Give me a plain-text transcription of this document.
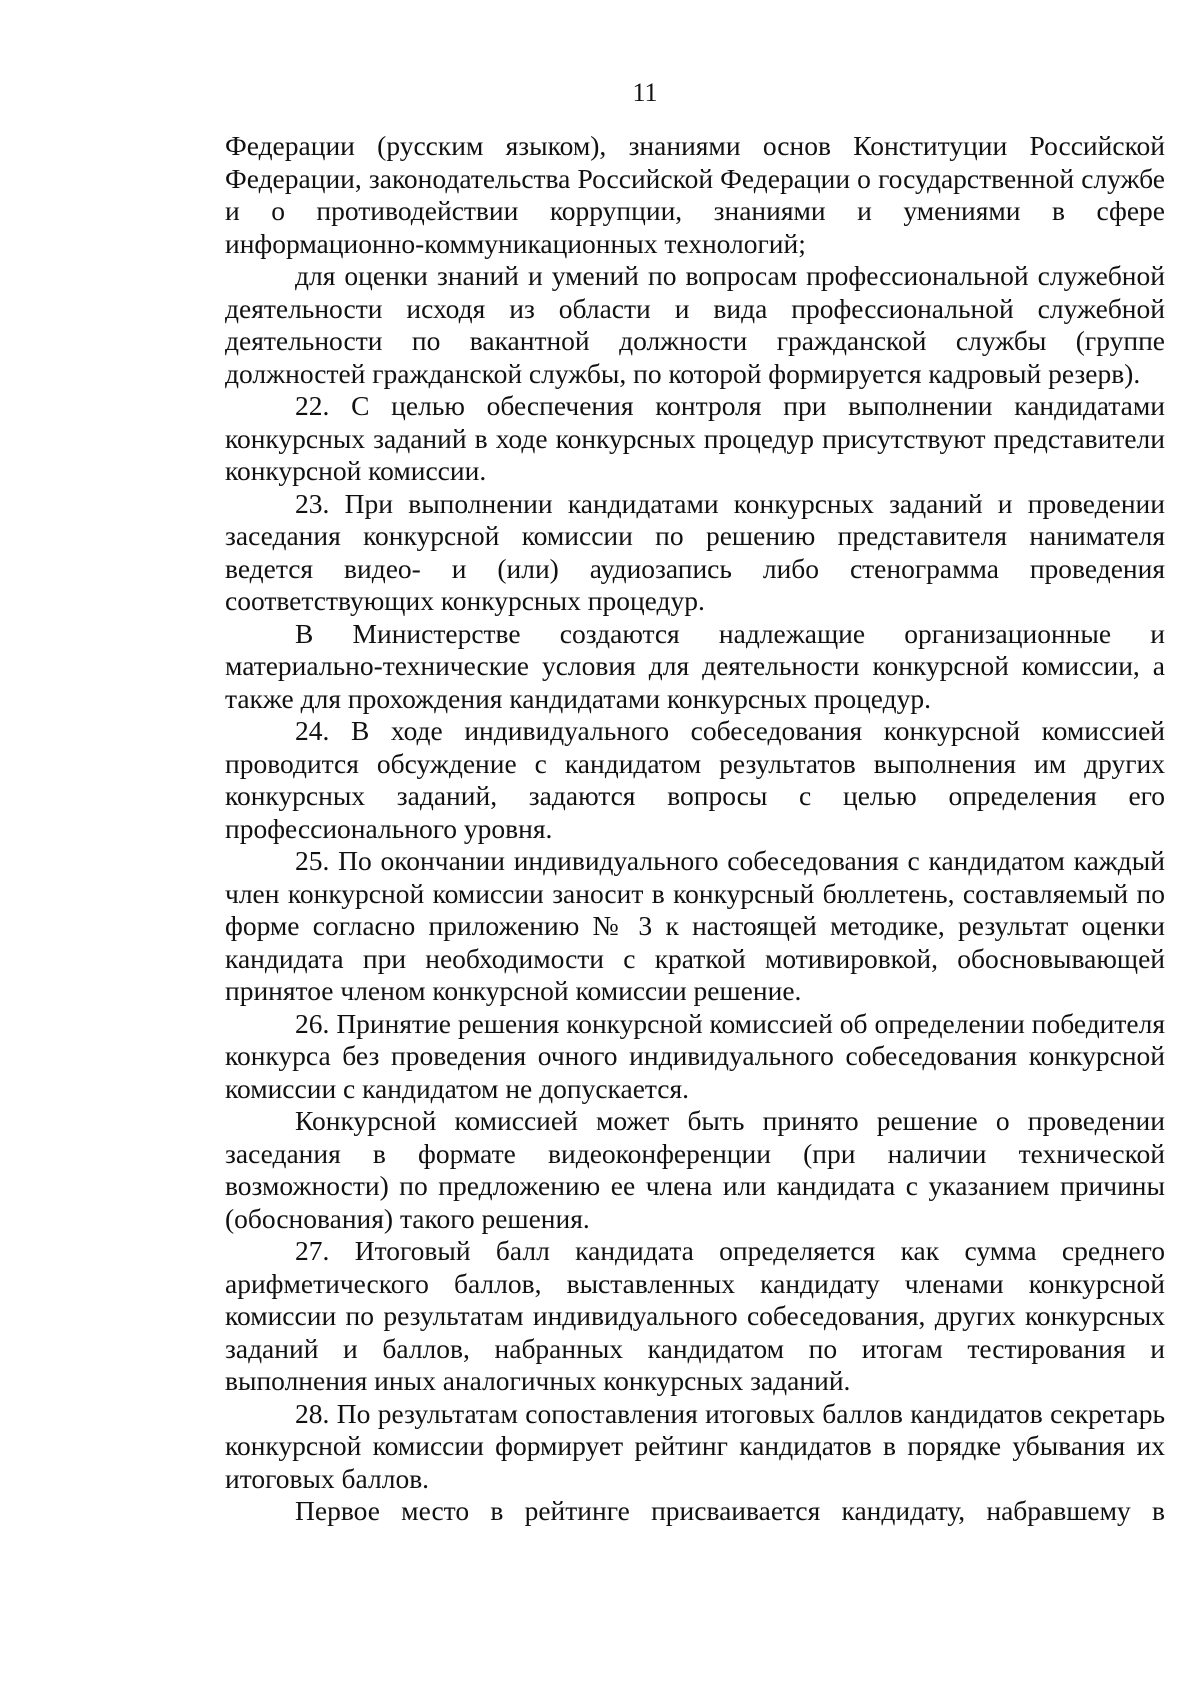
11

Федерации (русским языком), знаниями основ Конституции Российской Федерации, законодательства Российской Федерации о государственной службе и о противодействии коррупции, знаниями и умениями в сфере информационно-коммуникационных технологий;

для оценки знаний и умений по вопросам профессиональной служебной деятельности исходя из области и вида профессиональной служебной деятельности по вакантной должности гражданской службы (группе должностей гражданской службы, по которой формируется кадровый резерв).

22. С целью обеспечения контроля при выполнении кандидатами конкурсных заданий в ходе конкурсных процедур присутствуют представители конкурсной комиссии.

23. При выполнении кандидатами конкурсных заданий и проведении заседания конкурсной комиссии по решению представителя нанимателя ведется видео- и (или) аудиозапись либо стенограмма проведения соответствующих конкурсных процедур.

В Министерстве создаются надлежащие организационные и материально-технические условия для деятельности конкурсной комиссии, а также для прохождения кандидатами конкурсных процедур.

24. В ходе индивидуального собеседования конкурсной комиссией проводится обсуждение с кандидатом результатов выполнения им других конкурсных заданий, задаются вопросы с целью определения его профессионального уровня.

25. По окончании индивидуального собеседования с кандидатом каждый член конкурсной комиссии заносит в конкурсный бюллетень, составляемый по форме согласно приложению № 3 к настоящей методике, результат оценки кандидата при необходимости с краткой мотивировкой, обосновывающей принятое членом конкурсной комиссии решение.

26. Принятие решения конкурсной комиссией об определении победителя конкурса без проведения очного индивидуального собеседования конкурсной комиссии с кандидатом не допускается.

Конкурсной комиссией может быть принято решение о проведении заседания в формате видеоконференции (при наличии технической возможности) по предложению ее члена или кандидата с указанием причины (обоснования) такого решения.

27. Итоговый балл кандидата определяется как сумма среднего арифметического баллов, выставленных кандидату членами конкурсной комиссии по результатам индивидуального собеседования, других конкурсных заданий и баллов, набранных кандидатом по итогам тестирования и выполнения иных аналогичных конкурсных заданий.

28. По результатам сопоставления итоговых баллов кандидатов секретарь конкурсной комиссии формирует рейтинг кандидатов в порядке убывания их итоговых баллов.

Первое место в рейтинге присваивается кандидату, набравшему в
